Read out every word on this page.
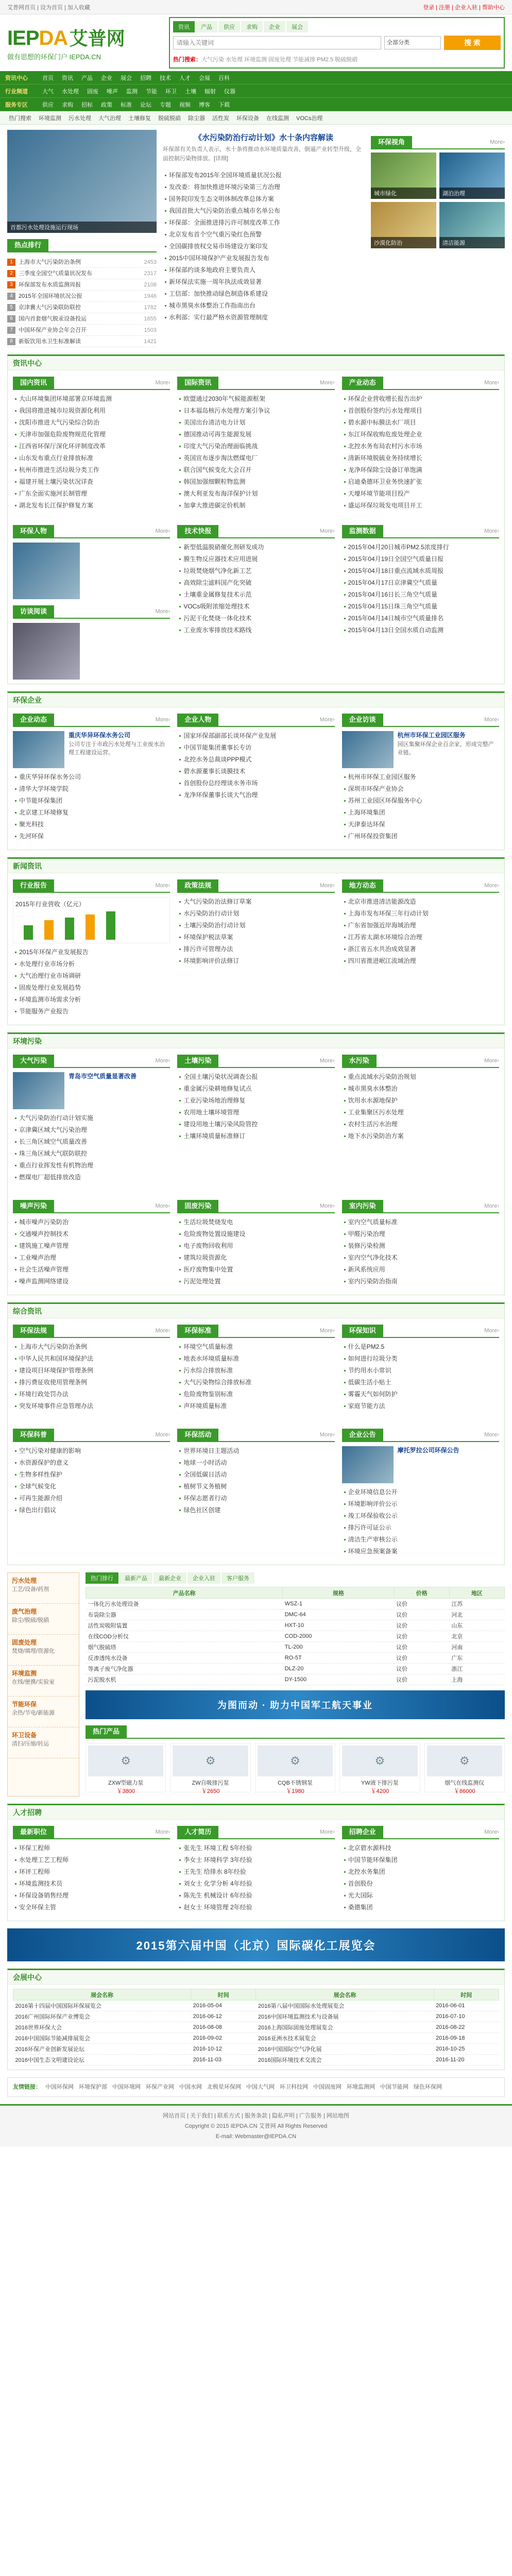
艾普网首页 | 设为首页 | 加入收藏	登录 | 注册 | 企业入驻 | 帮助中心
IEPDA 艾普网
做有思想的环保门户 IEPDA.CN
资讯	产品	供应	求购	企业	展会
请输入关键词
全部分类	搜 索
热门搜索：大气污染 水处理 环境监测 固废处理 节能减排 PM2.5 脱硫脱硝
资讯中心	首页	资讯	产品	企业	展会	招聘	技术	人才	会展	百科
行业频道	大气	水处理	固废	噪声	监测	节能	环卫	土壤	辐射	仪器
服务专区	供应	求购	招标	政策	标准	论坛	专题	视频	博客	下载
热门搜索	环境监测	污水处理	大气治理	土壤修复	脱硫脱硝	除尘器	活性炭	环保设备	在线监测	VOCs治理
首都污水处理设施运行现场
热点排行
1	上海市大气污染防治条例	2453
2	三季度全国空气质量状况发布	2317
3	环保部发布水质监测周报	2108
4	2015年全国环境状况公报	1946
5	京津冀大气污染联防联控	1782
6	国内首套烟气脱汞设备投运	1655
7	中国环保产业协会年会召开	1503
8	新版饮用水卫生标准解读	1421
《水污染防治行动计划》水十条内容解读
环保部有关负责人表示，水十条将推动水环境质量改善，倒逼产业转型升级，全面控制污染物排放。[详细]
环保部发布2015年全国环境质量状况公报
发改委：将加快推进环境污染第三方治理
国务院印发生态文明体制改革总体方案
我国首批大气污染防治重点城市名单公布
环保部：全面推进排污许可制度改革工作
北京发布首个空气重污染红色预警
全国碳排放权交易市场建设方案印发
2015中国环境保护产业发展报告发布
环保部约谈多地政府主要负责人
新环保法实施一周年执法成效显著
工信部：加快推动绿色制造体系建设
城市黑臭水体整治工作指南出台
水利部：实行最严格水资源管理制度
环保视角	More›
城市绿化	湖泊治理
沙漠化防治	清洁能源
资讯中心
国内资讯	More›
大山环境集团环境部署京环境监测
我国将推进城市垃圾资源化利用
沈阳市推进大气污染综合防治
天津市加强危险废物规范化管理
江西省环保厅深化环评制度改革
山东发布重点行业排放标准
杭州市推进生活垃圾分类工作
福建开展土壤污染状况详查
广东全面实施河长制管理
湖北发布长江保护修复方案
国际资讯	More›
欧盟通过2030年气候能源框架
日本福岛核污水处理方案引争议
美国出台清洁电力计划
德国推动可再生能源发展
印度大气污染治理面临挑战
英国宣布逐步淘汰燃煤电厂
联合国气候变化大会召开
韩国加强细颗粒物监测
澳大利亚发布海洋保护计划
加拿大推进碳定价机制
产业动态	More›
环保企业营收增长报告出炉
首创股份签约污水处理项目
碧水源中标膜法水厂项目
东江环保收购危废处理企业
北控水务布局农村污水市场
清新环境脱硫业务持续增长
龙净环保除尘设备订单饱满
启迪桑德环卫业务快速扩张
天壕环境节能项目投产
盛运环保垃圾发电项目开工
环保人物	More›
访谈阅读	More›
技术快报	More›
新型低温脱硝催化剂研发成功
膜生物反应器技术应用进展
垃圾焚烧烟气净化新工艺
高效除尘滤料国产化突破
土壤重金属修复技术示范
VOCs吸附浓缩处理技术
污泥干化焚烧一体化技术
工业废水零排放技术路线
监测数据	More›
2015年04月20日城市PM2.5浓度排行
2015年04月19日全国空气质量日报
2015年04月18日重点流域水质周报
2015年04月17日京津冀空气质量
2015年04月16日长三角空气质量
2015年04月15日珠三角空气质量
2015年04月14日城市空气质量排名
2015年04月13日全国水质自动监测
环保企业
企业动态	More›
重庆华异环保水务公司
公司专注于市政污水处理与工业废水治理工程建设运营。
重庆华异环保水务公司
清华大学环境学院
中节能环保集团
北京建工环境修复
聚光科技
先河环保
企业人物	More›
国家环保部副部长谈环保产业发展
中国节能集团董事长专访
北控水务总裁谈PPP模式
碧水源董事长谈膜技术
首创股份总经理谈水务市场
龙净环保董事长谈大气治理
企业访谈	More›
杭州市环保工业园区服务
园区集聚环保企业百余家，形成完整产业链。
杭州市环保工业园区服务
深圳市环保产业协会
苏州工业园区环保服务中心
上海环境集团
天津泰达环保
广州环保投资集团
新闻资讯
行业报告	More›
2015年行业营收（亿元）
2015年环保产业发展报告
水处理行业市场分析
大气治理行业市场调研
固废处理行业发展趋势
环境监测市场需求分析
节能服务产业报告
政策法规	More›
大气污染防治法修订草案
水污染防治行动计划
土壤污染防治行动计划
环境保护税法草案
排污许可管理办法
环境影响评价法修订
地方动态	More›
北京市推进清洁能源改造
上海市发布环保三年行动计划
广东省加强近岸海域治理
江苏省太湖水环境综合治理
浙江省五水共治成效显著
四川省推进岷江流域治理
环境污染
大气污染	More›
青岛市空气质量显著改善
大气污染防治行动计划实施
京津冀区域大气污染治理
长三角区域空气质量改善
珠三角区域大气联防联控
重点行业挥发性有机物治理
燃煤电厂超低排放改造
土壤污染	More›
全国土壤污染状况调查公报
重金属污染耕地修复试点
工业污染场地治理修复
农用地土壤环境管理
建设用地土壤污染风险管控
土壤环境质量标准修订
水污染	More›
重点流域水污染防治规划
城市黑臭水体整治
饮用水水源地保护
工业集聚区污水处理
农村生活污水治理
地下水污染防治方案
噪声污染	More›
城市噪声污染防治
交通噪声控制技术
建筑施工噪声管理
工业噪声治理
社会生活噪声管理
噪声监测网络建设
固废污染	More›
生活垃圾焚烧发电
危险废物处置设施建设
电子废物回收利用
建筑垃圾资源化
医疗废物集中处置
污泥处理处置
室内污染	More›
室内空气质量标准
甲醛污染治理
装修污染检测
室内空气净化技术
新风系统应用
室内污染防治指南
综合资讯
环保法规	More›
上海市大气污染防治条例
中华人民共和国环境保护法
建设项目环境保护管理条例
排污费征收使用管理条例
环境行政处罚办法
突发环境事件应急管理办法
环保标准	More›
环境空气质量标准
地表水环境质量标准
污水综合排放标准
大气污染物综合排放标准
危险废物鉴别标准
声环境质量标准
环保知识	More›
什么是PM2.5
如何进行垃圾分类
节约用水小常识
低碳生活小贴士
雾霾天气如何防护
家庭节能方法
环保科普	More›
空气污染对健康的影响
水资源保护的意义
生物多样性保护
全球气候变化
可再生能源介绍
绿色出行倡议
环保活动	More›
世界环境日主题活动
地球一小时活动
全国低碳日活动
植树节义务植树
环保志愿者行动
绿色社区创建
企业公告	More›
摩托罗拉公司环保公告
企业环境信息公开
环境影响评价公示
竣工环保验收公示
排污许可证公示
清洁生产审核公示
环境应急预案备案
污水处理
工艺/设备/药剂
废气治理
除尘/脱硫/脱硝
固废处理
焚烧/填埋/资源化
环境监测
在线/便携/实验室
节能环保
余热/节电/新能源
环卫设备
清扫/压缩/转运
热门排行	最新产品	最新企业	企业入驻	客户服务
产品名称	规格	价格	地区
一体化污水处理设备	WSZ-1	议价	江苏
布袋除尘器	DMC-64	议价	河北
活性炭吸附装置	HXT-10	议价	山东
在线COD分析仪	COD-2000	议价	北京
烟气脱硫塔	TL-200	议价	河南
反渗透纯水设备	RO-5T	议价	广东
等离子废气净化器	DLZ-20	议价	浙江
污泥脱水机	DY-1500	议价	上海
为图而动 · 助力中国军工航天事业
热门产品
⚙
ZXW型磁力泵
￥3800
⚙
ZW自吸排污泵
￥2650
⚙
CQB不锈钢泵
￥1980
⚙
YW液下排污泵
￥4200
⚙
烟气在线监测仪
￥86000
人才招聘
最新职位	More›
环保工程师
水处理工艺工程师
环评工程师
环境监测技术员
环保设备销售经理
安全环保主管
人才简历	More›
张先生 环境工程 5年经验
李女士 环境科学 3年经验
王先生 给排水 8年经验
刘女士 化学分析 4年经验
陈先生 机械设计 6年经验
赵女士 环境管理 2年经验
招聘企业	More›
北京碧水源科技
中国节能环保集团
北控水务集团
首创股份
光大国际
桑德集团
2015第六届中国（北京）国际碳化工展览会
会展中心
展会名称	时间	展会名称	时间
2016第十四届中国国际环保展览会	2016-05-04	2016第八届中国国际水处理展览会	2016-06-01
2016广州国际环保产业博览会	2016-06-12	2016中国环境监测技术与设备展	2016-07-10
2016世界环保大会	2016-08-08	2016上海国际固废处理展览会	2016-08-22
2016中国国际节能减排展览会	2016-09-02	2016亚洲水技术展览会	2016-09-18
2016环保产业创新发展论坛	2016-10-12	2016中国国际空气净化展	2016-10-25
2016中国生态文明建设论坛	2016-11-03	2016国际环境技术交流会	2016-11-20
友情链接： 中国环保网 环境保护部 中国环境网 环保产业网 中国水网 北极星环保网 中国大气网 环卫科技网 中国固废网 环境监测网 中国节能网 绿色环保网
网站首页 | 关于我们 | 联系方式 | 服务条款 | 隐私声明 | 广告服务 | 网站地图
Copyright © 2015 IEPDA.CN 艾普网 All Rights Reserved
E-mail: Webmaster@IEPDA.CN
